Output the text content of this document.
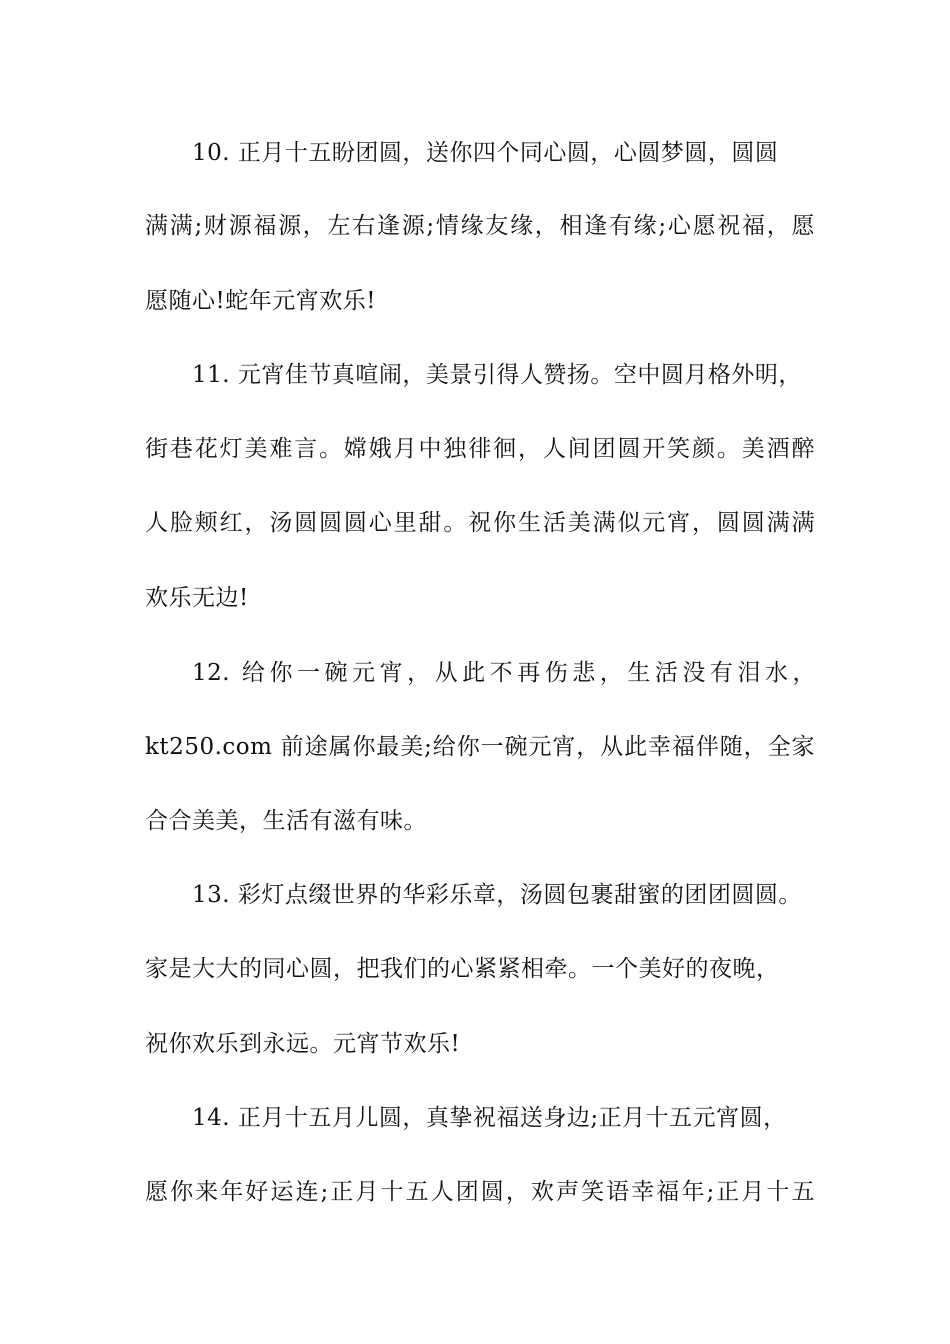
10. 正月十五盼团圆，送你四个同心圆，心圆梦圆，圆圆
满满;财源福源，左右逢源;情缘友缘，相逢有缘;心愿祝福，愿
愿随心!蛇年元宵欢乐!
11. 元宵佳节真喧闹，美景引得人赞扬。空中圆月格外明，
街巷花灯美难言。嫦娥月中独徘徊，人间团圆开笑颜。美酒醉
人脸颊红，汤圆圆圆心里甜。祝你生活美满似元宵，圆圆满满
欢乐无边!
12. 给你一碗元宵，从此不再伤悲，生活没有泪水，
kt250.com 前途属你最美;给你一碗元宵，从此幸福伴随，全家
合合美美，生活有滋有味。
13. 彩灯点缀世界的华彩乐章，汤圆包裹甜蜜的团团圆圆。
家是大大的同心圆，把我们的心紧紧相牵。一个美好的夜晚，
祝你欢乐到永远。元宵节欢乐!
14. 正月十五月儿圆，真挚祝福送身边;正月十五元宵圆，
愿你来年好运连;正月十五人团圆，欢声笑语幸福年;正月十五
